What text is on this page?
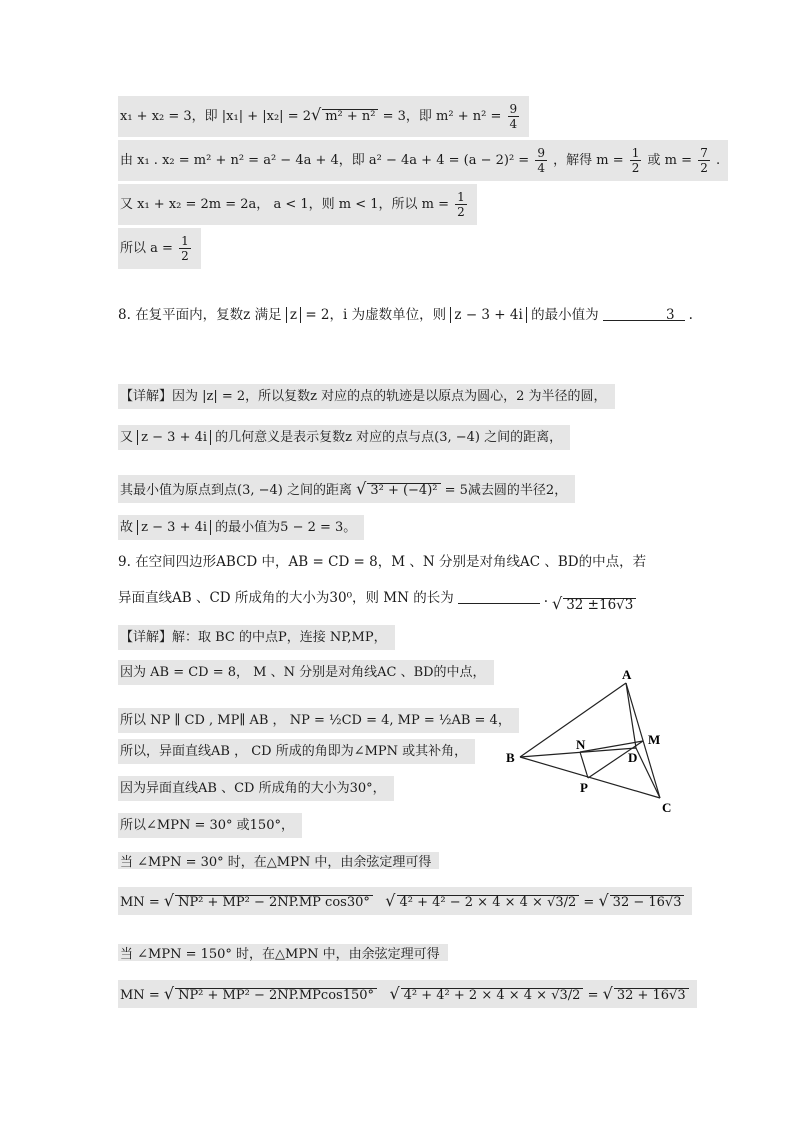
x₁ + x₂ = 3，即 |x₁| + |x₂| = 2√ m² + n² = 3，即 $m^2 + n^2 = \frac{9}{4}$
由 x₁ . x₂ = m² + n² = a² − 4a + 4，即 $a^2 - 4a + 4 = (a - 2)^2 = \frac{9}{4}$ ，解得 $m = \frac{1}{2}$ 或 $m = \frac{7}{2}$ .
又 x₁ + x₂ = 2m = 2a， a < 1，则 m < 1，所以 $m = \frac{1}{2}$
所以 $a = \frac{1}{2}$
8. 在复平面内，复数z 满足 z = 2，i 为虚数单位，则 z − 3 + 4i 的最小值为	.
3
【详解】因为 |z| = 2，所以复数z 对应的点的轨迹是以原点为圆心，2 为半径的圆，
又 z − 3 + 4i 的几何意义是表示复数z 对应的点与点(3, −4) 之间的距离，
其最小值为原点到点(3, −4) 之间的距离 √ 3² + (−4)² = 5减去圆的半径2，
故 z − 3 + 4i 的最小值为5 − 2 = 3。
9. 在空间四边形ABCD 中，AB = CD = 8，M 、N 分别是对角线AC 、BD的中点，若
异面直线AB 、CD 所成角的大小为30⁰，则 MN 的长为	. √ 32 ±16√3
【详解】解：取 BC 的中点P，连接 NP,MP，
因为 AB = CD = 8， M 、N 分别是对角线AC 、BD的中点，
所以 NP ∥ CD , MP∥ AB ， NP = ½CD = 4, MP = ½AB = 4，
所以，异面直线AB ， CD 所成的角即为∠MPN 或其补角，
因为异面直线AB 、CD 所成角的大小为30°，
所以∠MPN = 30° 或150°，
当 ∠MPN = 30° 时，在△MPN 中，由余弦定理可得
MN = √ NP² + MP² − 2NP.MP cos30° √ 4² + 4² − 2 × 4 × 4 × √3/2 = √ 32 − 16√3
当 ∠MPN = 150° 时，在△MPN 中，由余弦定理可得
MN = √ NP² + MP² − 2NP.MPcos150° √ 4² + 4² + 2 × 4 × 4 × √3/2 = √ 32 + 16√3
A
B
C
D
M
N
P
